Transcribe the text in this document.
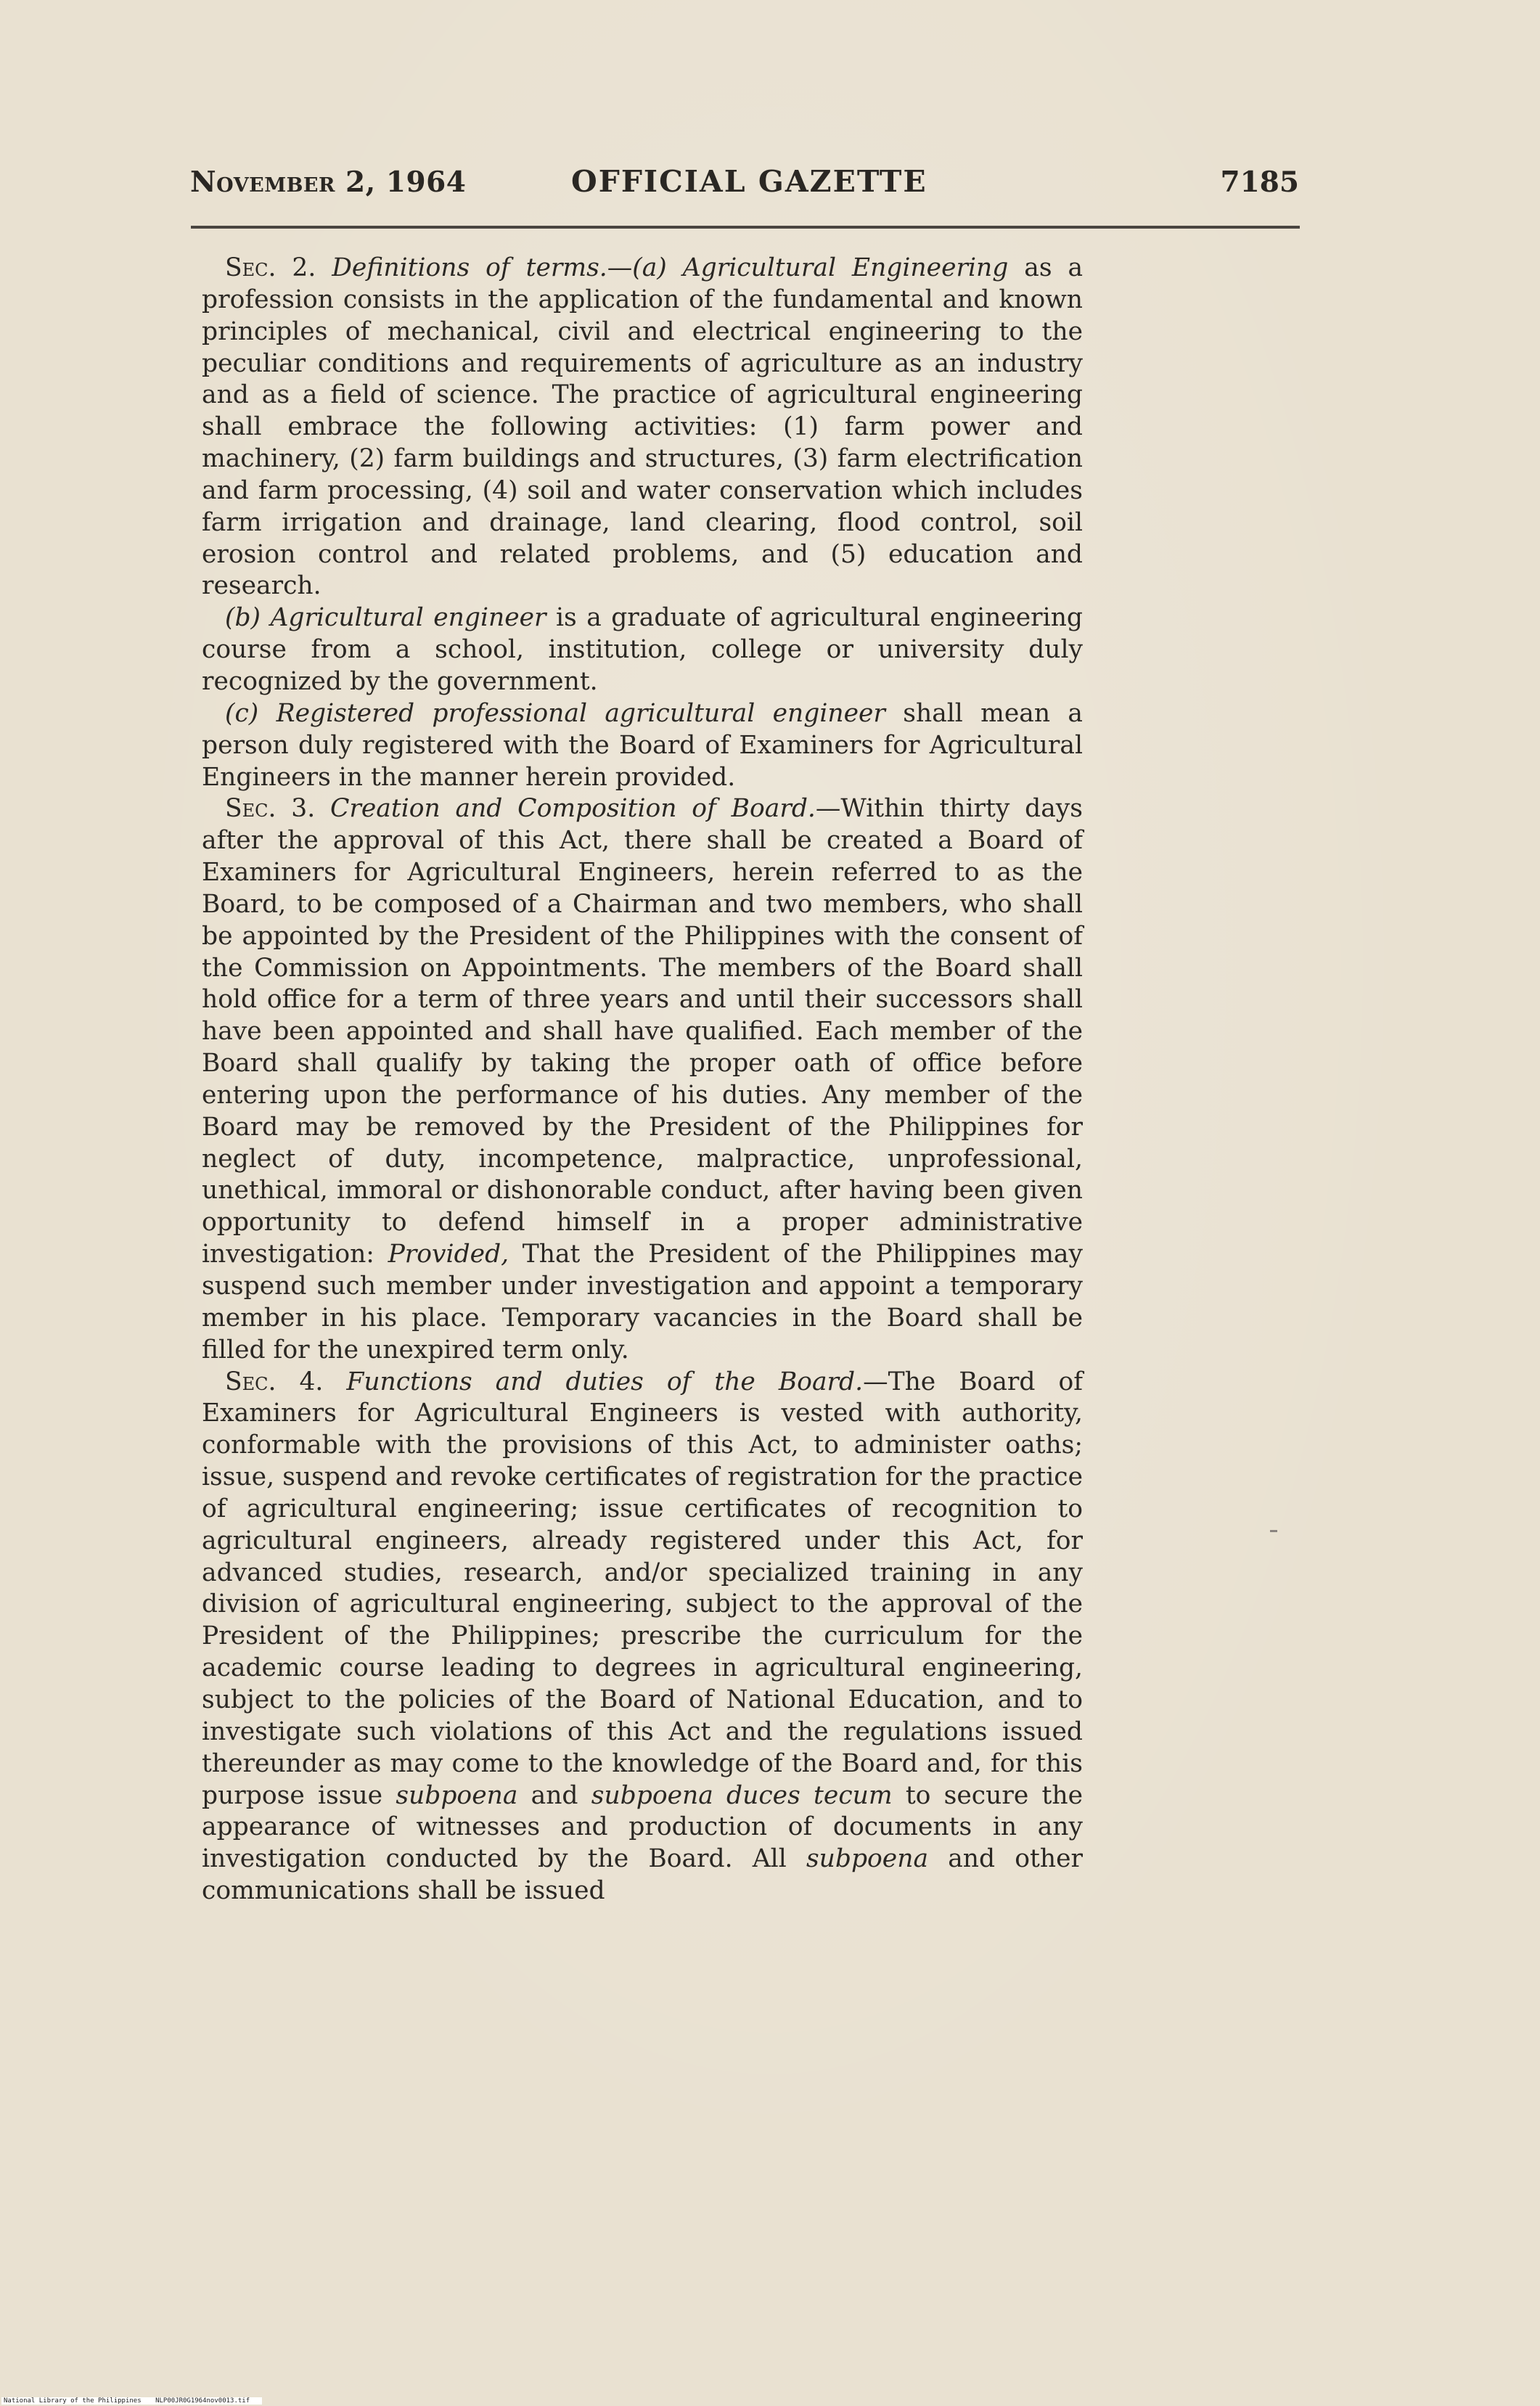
November 2, 1964	OFFICIAL GAZETTE	7185

Sec. 2. Definitions of terms.—(a) Agricultural Engineering as a profession consists in the application of the fundamental and known principles of mechanical, civil and electrical engineering to the peculiar conditions and requirements of agriculture as an industry and as a field of science. The practice of agricultural engineering shall embrace the following activities: (1) farm power and machinery, (2) farm buildings and structures, (3) farm electrification and farm processing, (4) soil and water conservation which includes farm irrigation and drainage, land clearing, flood control, soil erosion control and related problems, and (5) education and research.

(b) Agricultural engineer is a graduate of agricultural engineering course from a school, institution, college or university duly recognized by the government.

(c) Registered professional agricultural engineer shall mean a person duly registered with the Board of Examiners for Agricultural Engineers in the manner herein provided.

Sec. 3. Creation and Composition of Board.—Within thirty days after the approval of this Act, there shall be created a Board of Examiners for Agricultural Engineers, herein referred to as the Board, to be composed of a Chairman and two members, who shall be appointed by the President of the Philippines with the consent of the Commission on Appointments. The members of the Board shall hold office for a term of three years and until their successors shall have been appointed and shall have qualified. Each member of the Board shall qualify by taking the proper oath of office before entering upon the performance of his duties. Any member of the Board may be removed by the President of the Philippines for neglect of duty, incompetence, malpractice, unprofessional, unethical, immoral or dishonorable conduct, after having been given opportunity to defend himself in a proper administrative investigation: Provided, That the President of the Philippines may suspend such member under investigation and appoint a temporary member in his place. Temporary vacancies in the Board shall be filled for the unexpired term only.

Sec. 4. Functions and duties of the Board.—The Board of Examiners for Agricultural Engineers is vested with authority, conformable with the provisions of this Act, to administer oaths; issue, suspend and revoke certificates of registration for the practice of agricultural engineering; issue certificates of recognition to agricultural engineers, already registered under this Act, for advanced studies, research, and/or specialized training in any division of agricultural engineering, subject to the approval of the President of the Philippines; prescribe the curriculum for the academic course leading to degrees in agricultural engineering, subject to the policies of the Board of National Education, and to investigate such violations of this Act and the regulations issued thereunder as may come to the knowledge of the Board and, for this purpose issue subpoena and subpoena duces tecum to secure the appearance of witnesses and production of documents in any investigation conducted by the Board. All subpoena and other communications shall be issued

National Library of the Philippines NLP00JR0G1964nov0013.tif
